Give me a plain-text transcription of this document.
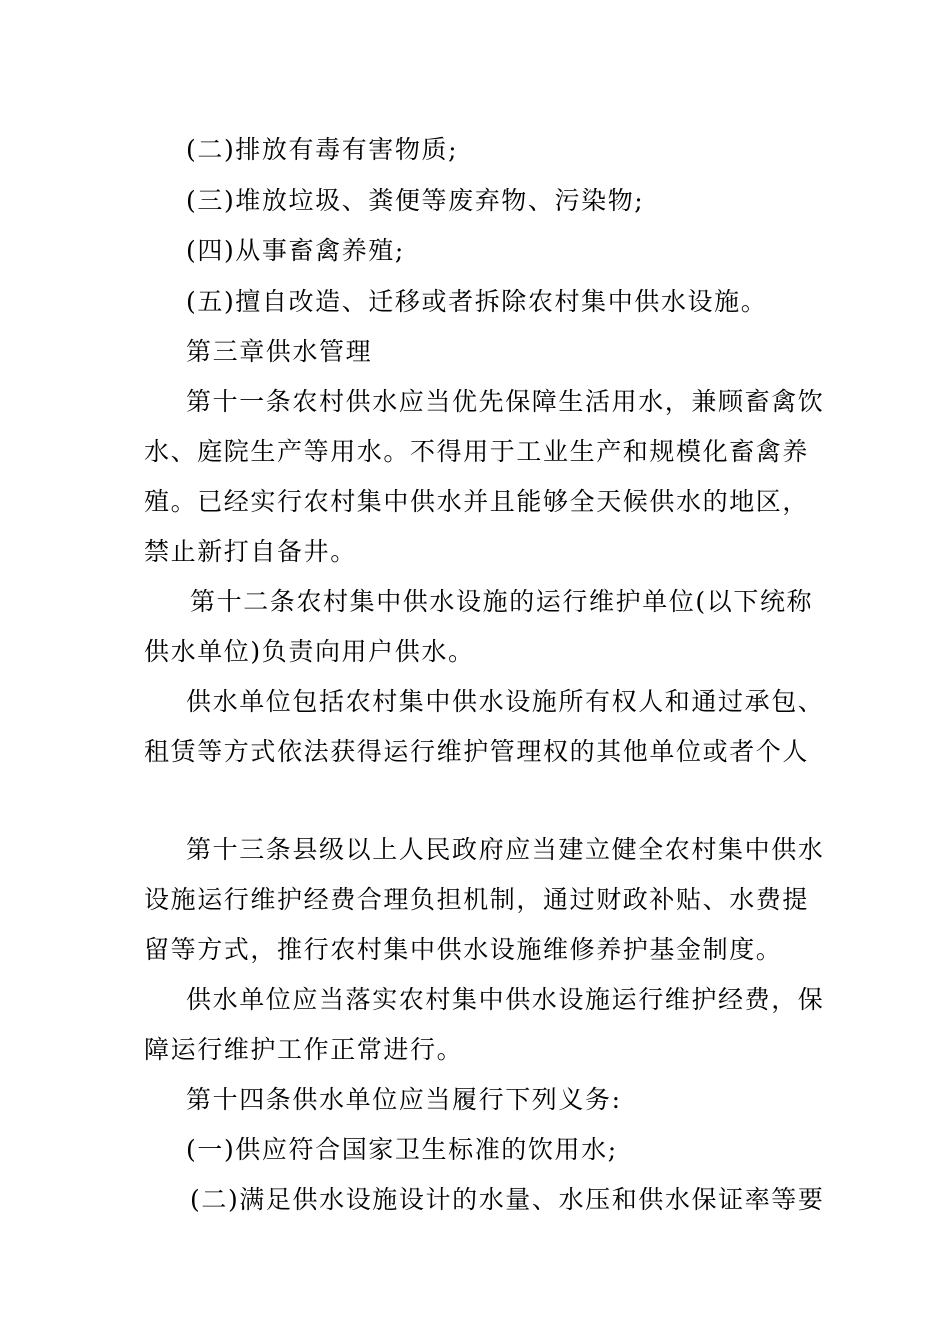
(二)排放有毒有害物质;
(三)堆放垃圾、粪便等废弃物、污染物;
(四)从事畜禽养殖;
(五)擅自改造、迁移或者拆除农村集中供水设施。
第三章供水管理
第十一条农村供水应当优先保障生活用水，兼顾畜禽饮
水、庭院生产等用水。不得用于工业生产和规模化畜禽养
殖。已经实行农村集中供水并且能够全天候供水的地区，
禁止新打自备井。
第十二条农村集中供水设施的运行维护单位(以下统称
供水单位)负责向用户供水。
供水单位包括农村集中供水设施所有权人和通过承包、
租赁等方式依法获得运行维护管理权的其他单位或者个人
第十三条县级以上人民政府应当建立健全农村集中供水
设施运行维护经费合理负担机制，通过财政补贴、水费提
留等方式，推行农村集中供水设施维修养护基金制度。
供水单位应当落实农村集中供水设施运行维护经费，保
障运行维护工作正常进行。
第十四条供水单位应当履行下列义务:
(一)供应符合国家卫生标准的饮用水;
(二)满足供水设施设计的水量、水压和供水保证率等要
